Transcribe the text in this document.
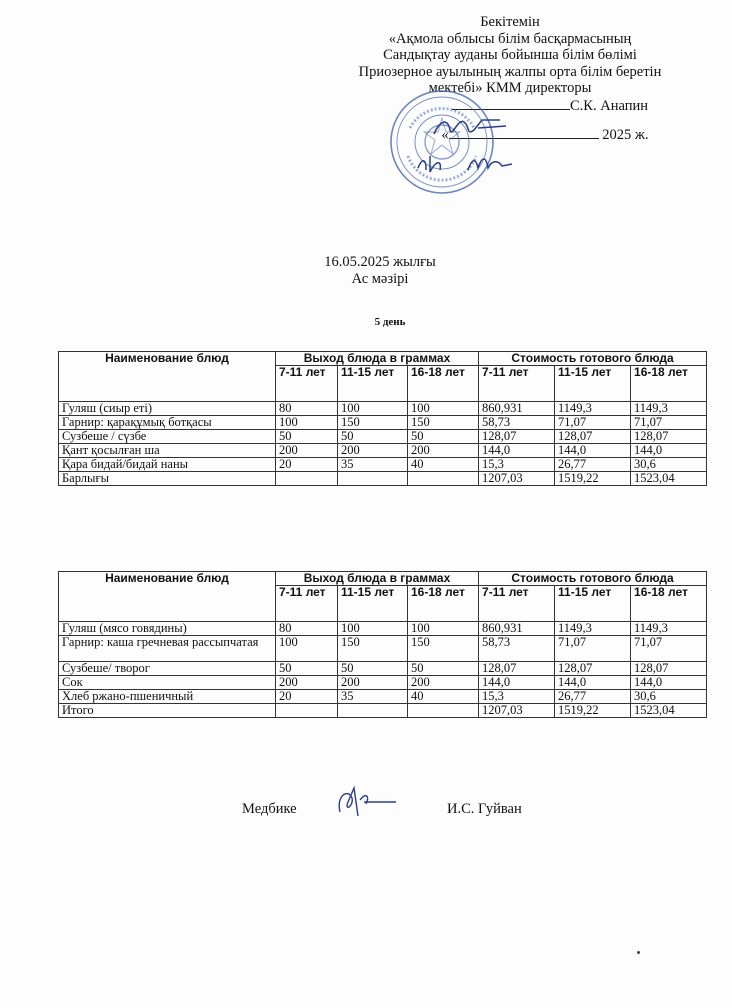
Бекітемін
«Ақмола облысы білім басқармасының
Сандықтау ауданы бойынша білім бөлімі
Приозерное ауылының жалпы орта білім беретін
мектебі» КММ директоры
С.К. Анапин
«	2025 ж.
16.05.2025 жылғы
Ас мәзірі
5 день
Наименование блюд	Выход блюда в граммах			Стоимость готового блюда		
	7-11 лет	11-15 лет	16-18 лет	7-11 лет	11-15 лет	16-18 лет
Гуляш (сиыр еті)	80	100	100	860,931	1149,3	1149,3
Гарнир: қарақұмық ботқасы	100	150	150	58,73	71,07	71,07
Сузбеше / сүзбе	50	50	50	128,07	128,07	128,07
Қант қосылған ша	200	200	200	144,0	144,0	144,0
Қара бидай/бидай наны	20	35	40	15,3	26,77	30,6
Барлығы				1207,03	1519,22	1523,04
Наименование блюд	Выход блюда в граммах			Стоимость готового блюда		
	7-11 лет	11-15 лет	16-18 лет	7-11 лет	11-15 лет	16-18 лет
Гуляш (мясо говядины)	80	100	100	860,931	1149,3	1149,3
Гарнир: каша гречневая рассыпчатая	100	150	150	58,73	71,07	71,07
Сузбеше/ творог	50	50	50	128,07	128,07	128,07
Сок	200	200	200	144,0	144,0	144,0
Хлеб ржано-пшеничный	20	35	40	15,3	26,77	30,6
Итого				1207,03	1519,22	1523,04
Медбике	И.С. Гуйван
